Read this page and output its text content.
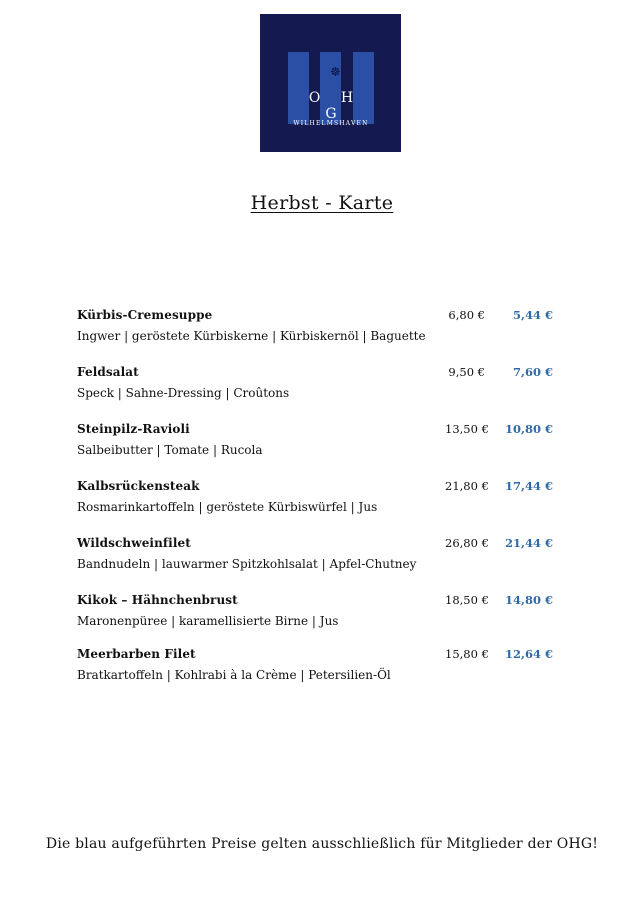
☸
O H G
WILHELMSHAVEN
Herbst - Karte
Kürbis-Cremesuppe
Ingwer | geröstete Kürbiskerne | Kürbiskernöl | Baguette
6,80 €	5,44 €
Feldsalat
Speck | Sahne-Dressing | Croûtons
9,50 €	7,60 €
Steinpilz-Ravioli
Salbeibutter | Tomate | Rucola
13,50 € 10,80 €
Kalbsrückensteak
Rosmarinkartoffeln | geröstete Kürbiswürfel | Jus
21,80 € 17,44 €
Wildschweinfilet
Bandnudeln | lauwarmer Spitzkohlsalat | Apfel-Chutney
26,80 € 21,44 €
Kikok – Hähnchenbrust
Maronenpüree | karamellisierte Birne | Jus
18,50 € 14,80 €
Meerbarben Filet
Bratkartoffeln | Kohlrabi à la Crème | Petersilien-Öl
15,80 € 12,64 €
Die blau aufgeführten Preise gelten ausschließlich für Mitglieder der OHG!
